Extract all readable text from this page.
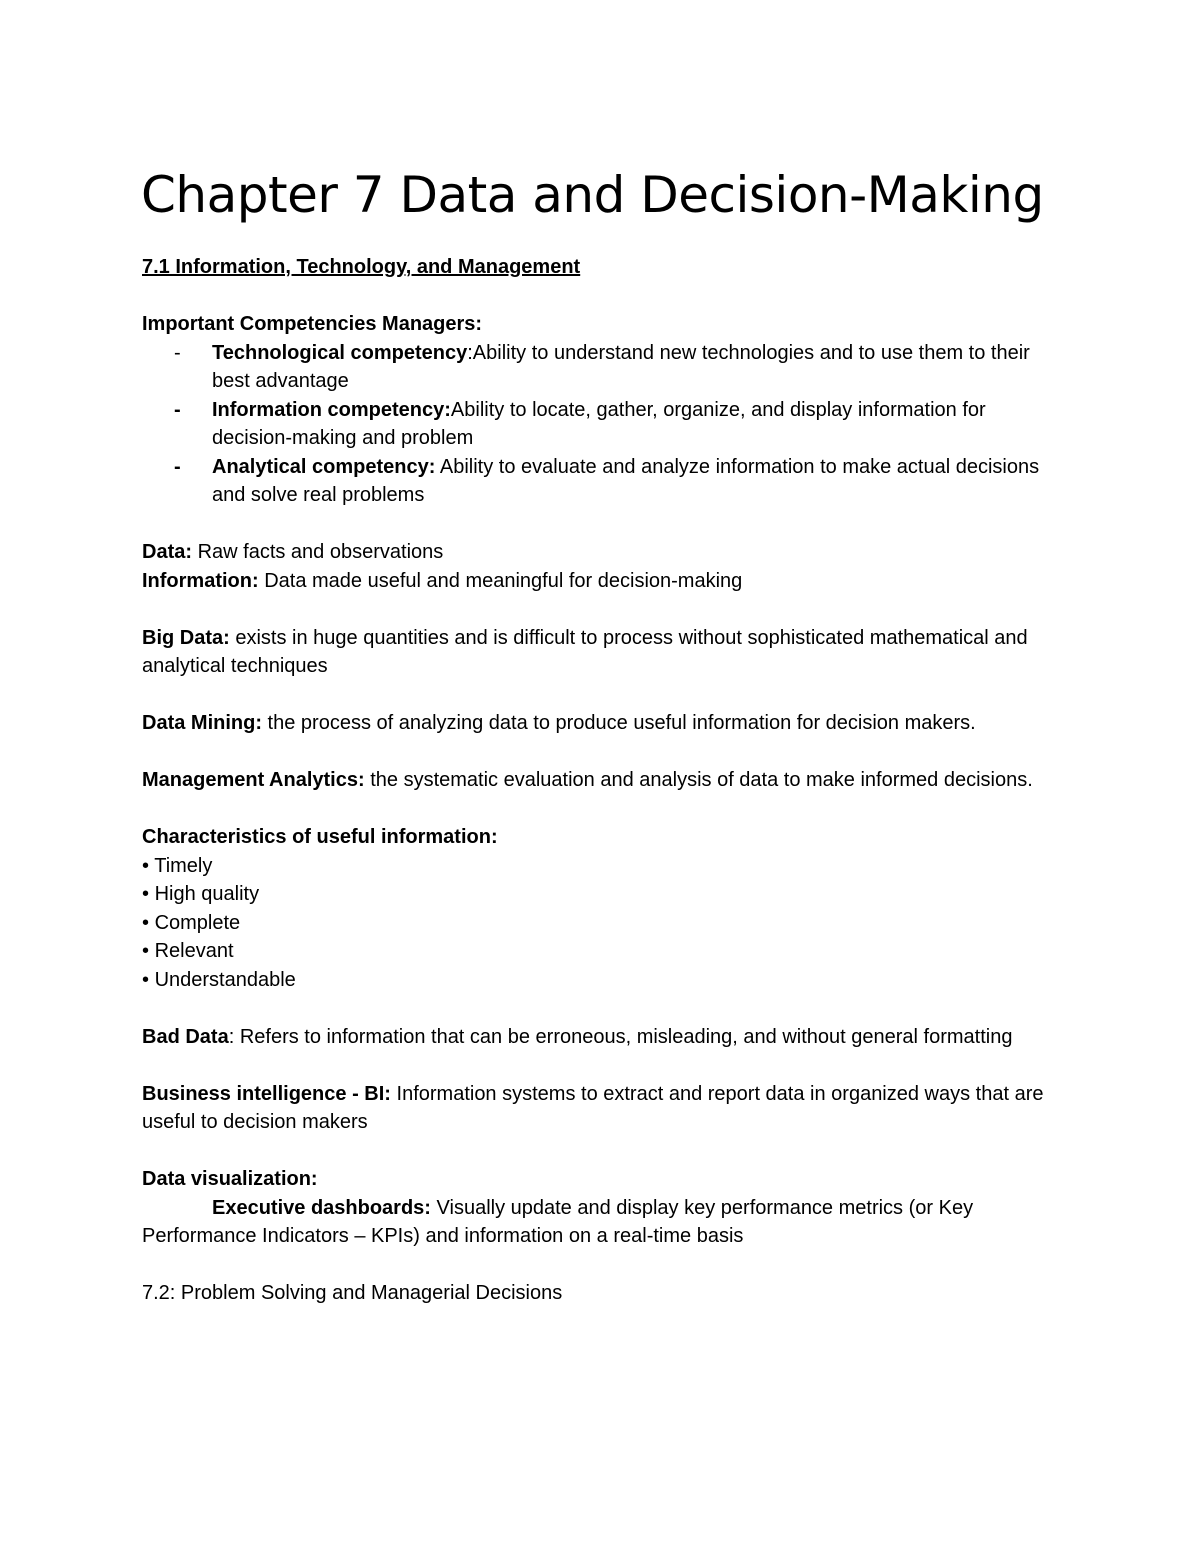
Chapter 7 Data and Decision-Making

7.1 Information, Technology, and Management

Important Competencies Managers:

- Technological competency:Ability to understand new technologies and to use them to their best advantage
- Information competency:Ability to locate, gather, organize, and display information for decision-making and problem
- Analytical competency: Ability to evaluate and analyze information to make actual decisions and solve real problems

Data: Raw facts and observations

Information: Data made useful and meaningful for decision-making

Big Data: exists in huge quantities and is difficult to process without sophisticated mathematical and analytical techniques

Data Mining: the process of analyzing data to produce useful information for decision makers.

Management Analytics: the systematic evaluation and analysis of data to make informed decisions.

Characteristics of useful information:

• Timely

• High quality

• Complete

• Relevant

• Understandable

Bad Data: Refers to information that can be erroneous, misleading, and without general formatting

Business intelligence - BI: Information systems to extract and report data in organized ways that are useful to decision makers

Data visualization:

Executive dashboards: Visually update and display key performance metrics (or Key Performance Indicators – KPIs) and information on a real-time basis

7.2: Problem Solving and Managerial Decisions
